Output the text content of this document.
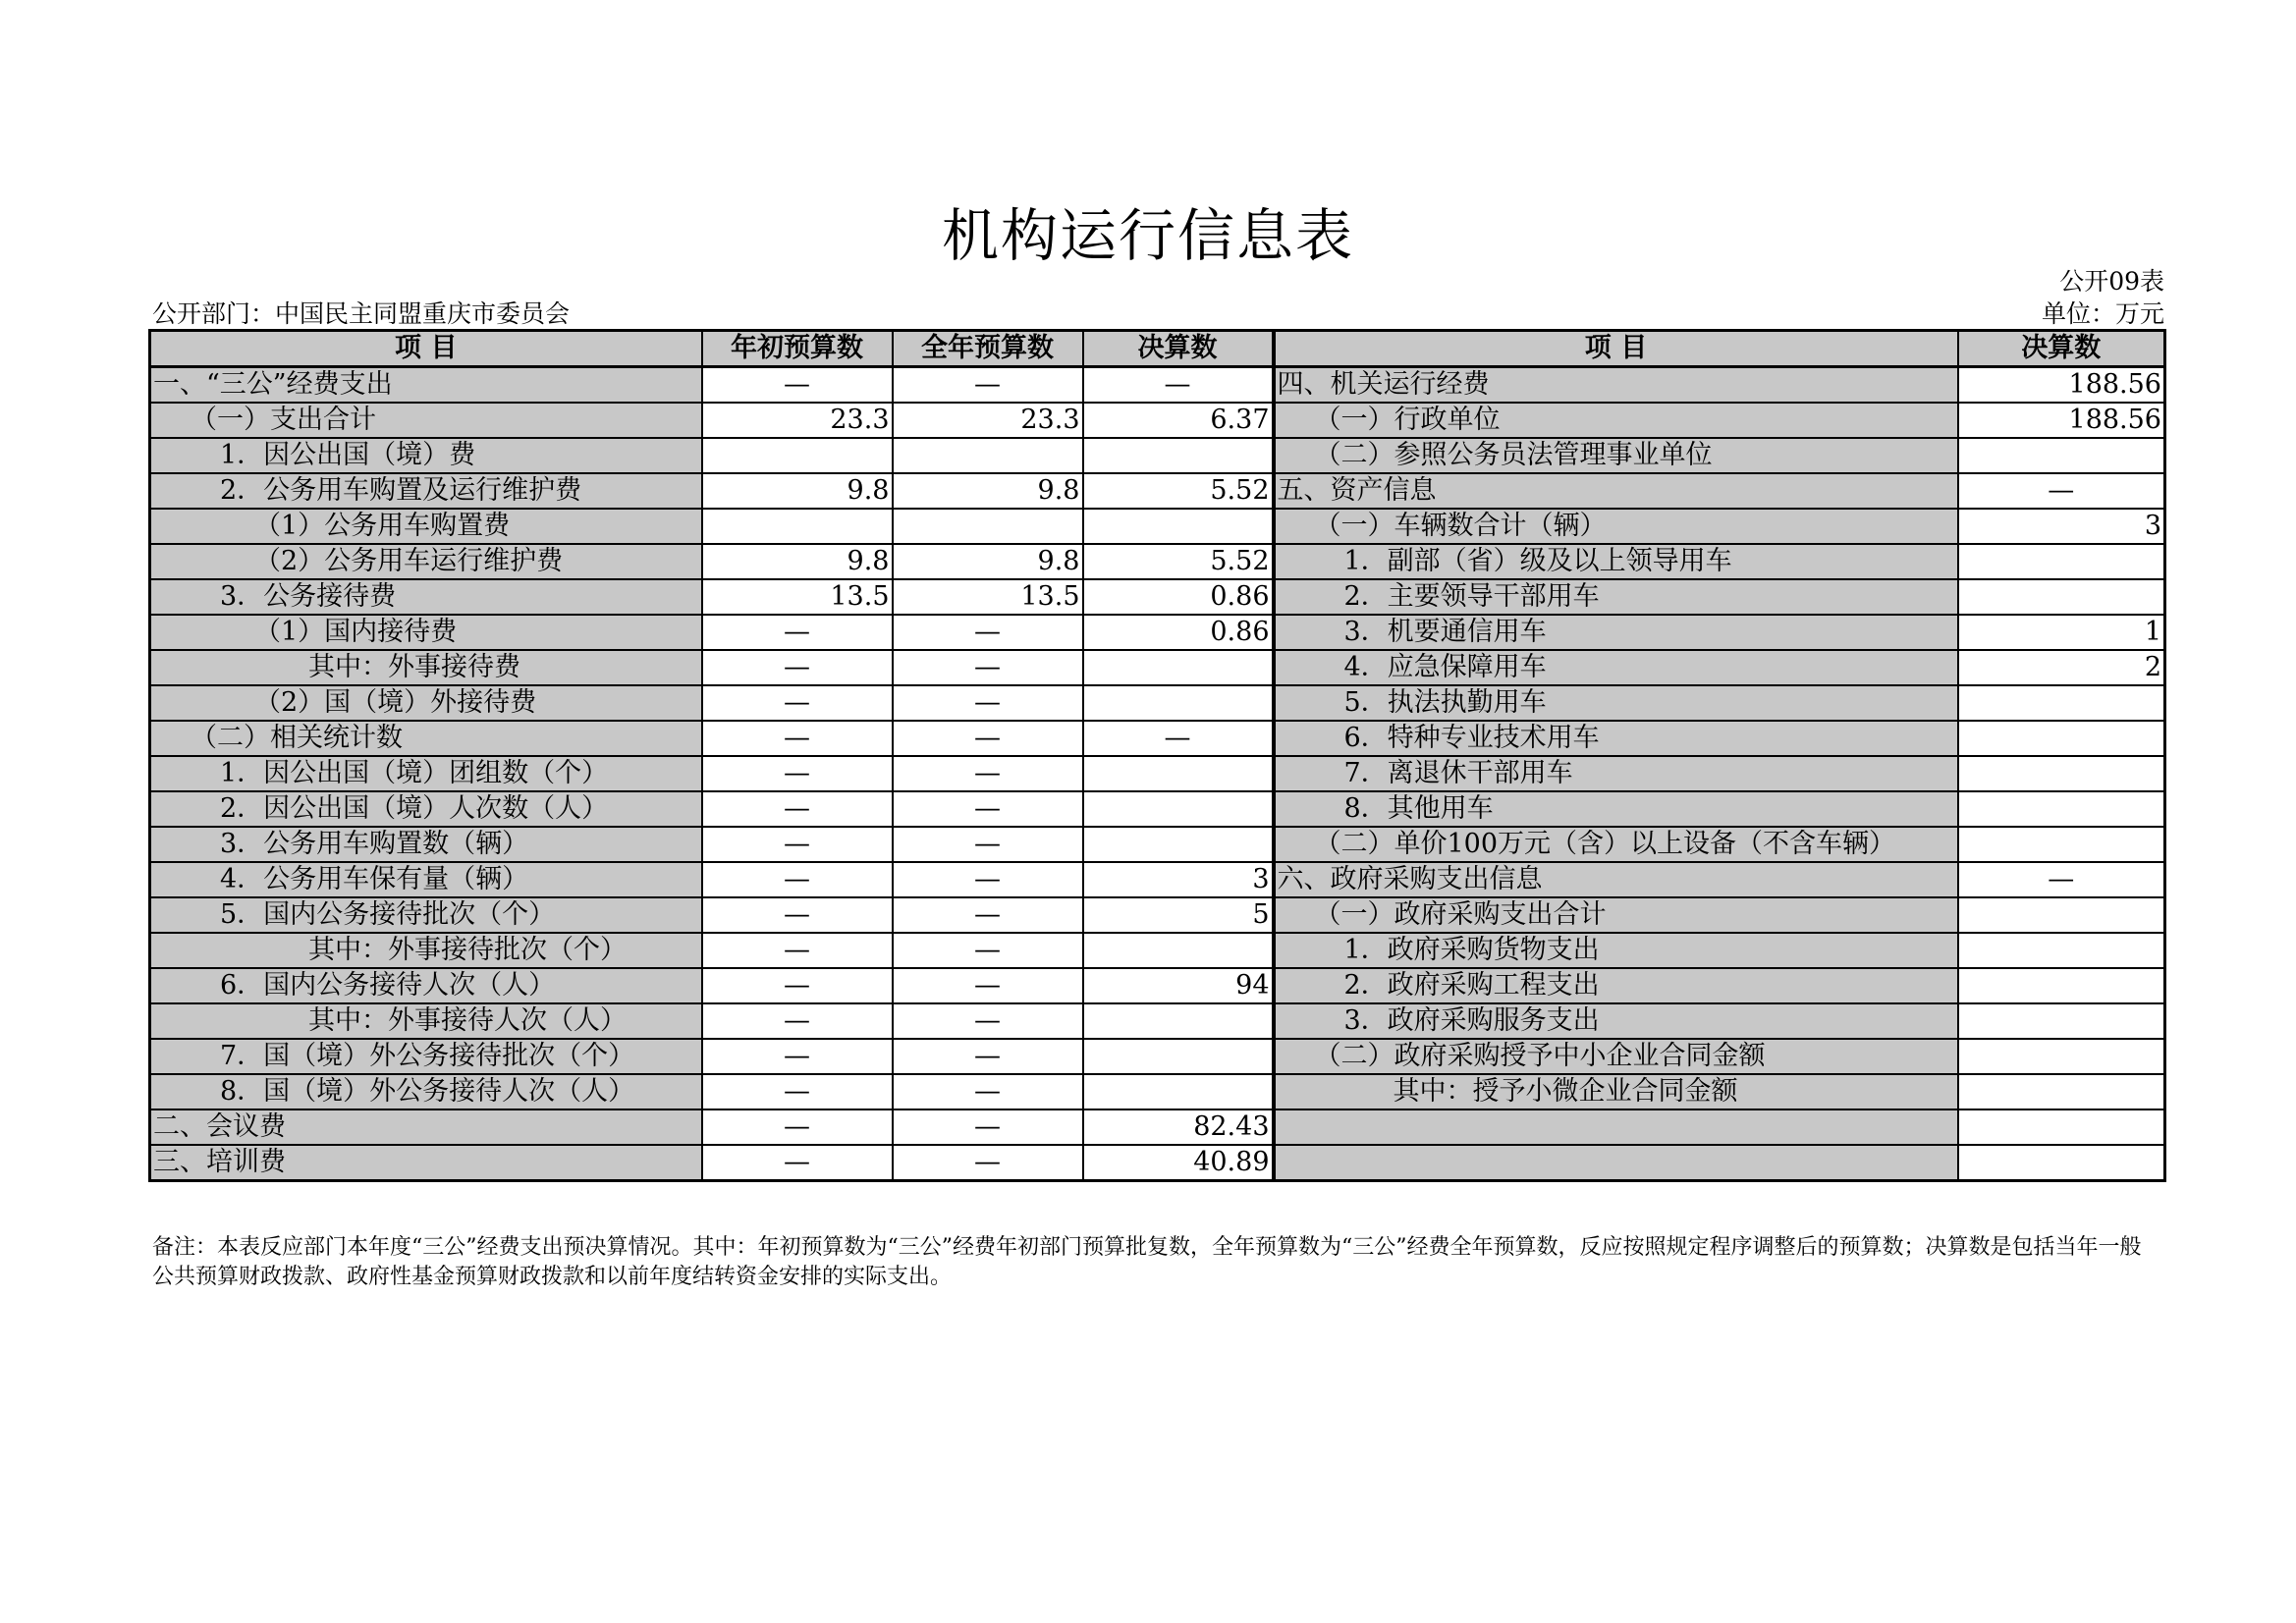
机构运行信息表
公开09表
公开部门：中国民主同盟重庆市委员会	单位：万元
项 目	年初预算数	全年预算数	决算数	项 目	决算数
一、“三公”经费支出	—	—	—	四、机关运行经费	188.56
（一）支出合计	23.3	23.3	6.37	（一）行政单位	188.56
1．因公出国（境）费				（二）参照公务员法管理事业单位	
2．公务用车购置及运行维护费	9.8	9.8	5.52	五、资产信息	—
（1）公务用车购置费				（一）车辆数合计（辆）	3
（2）公务用车运行维护费	9.8	9.8	5.52	1．副部（省）级及以上领导用车	
3．公务接待费	13.5	13.5	0.86	2．主要领导干部用车	
（1）国内接待费	—	—	0.86	3．机要通信用车	1
其中：外事接待费	—	—		4．应急保障用车	2
（2）国（境）外接待费	—	—		5．执法执勤用车	
（二）相关统计数	—	—	—	6．特种专业技术用车	
1．因公出国（境）团组数（个）	—	—		7．离退休干部用车	
2．因公出国（境）人次数（人）	—	—		8．其他用车	
3．公务用车购置数（辆）	—	—		（二）单价100万元（含）以上设备（不含车辆）	
4．公务用车保有量（辆）	—	—	3	六、政府采购支出信息	—
5．国内公务接待批次（个）	—	—	5	（一）政府采购支出合计	
其中：外事接待批次（个）	—	—		1．政府采购货物支出	
6．国内公务接待人次（人）	—	—	94	2．政府采购工程支出	
其中：外事接待人次（人）	—	—		3．政府采购服务支出	
7．国（境）外公务接待批次（个）	—	—		（二）政府采购授予中小企业合同金额	
8．国（境）外公务接待人次（人）	—	—		其中：授予小微企业合同金额	
二、会议费	—	—	82.43		
三、培训费	—	—	40.89		
备注：本表反应部门本年度“三公”经费支出预决算情况。其中：年初预算数为“三公”经费年初部门预算批复数，全年预算数为“三公”经费全年预算数，反应按照规定程序调整后的预算数；决算数是包括当年一般公共预算财政拨款、政府性基金预算财政拨款和以前年度结转资金安排的实际支出。
